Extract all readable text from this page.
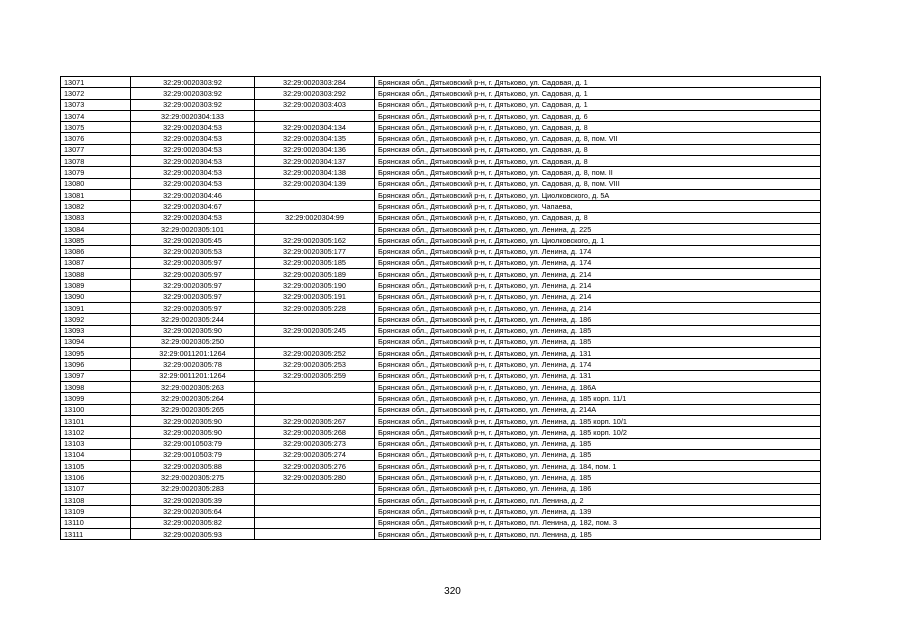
13071	32:29:0020303:92	32:29:0020303:284	Брянская обл., Дятьковский р-н, г. Дятьково, ул. Садовая, д. 1
13072	32:29:0020303:92	32:29:0020303:292	Брянская обл., Дятьковский р-н, г. Дятьково, ул. Садовая, д. 1
13073	32:29:0020303:92	32:29:0020303:403	Брянская обл., Дятьковский р-н, г. Дятьково, ул. Садовая, д. 1
13074	32:29:0020304:133		Брянская обл., Дятьковский р-н, г. Дятьково, ул. Садовая, д. 6
13075	32:29:0020304:53	32:29:0020304:134	Брянская обл., Дятьковский р-н, г. Дятьково, ул. Садовая, д. 8
13076	32:29:0020304:53	32:29:0020304:135	Брянская обл., Дятьковский р-н, г. Дятьково, ул. Садовая, д. 8, пом. VII
13077	32:29:0020304:53	32:29:0020304:136	Брянская обл., Дятьковский р-н, г. Дятьково, ул. Садовая, д. 8
13078	32:29:0020304:53	32:29:0020304:137	Брянская обл., Дятьковский р-н, г. Дятьково, ул. Садовая, д. 8
13079	32:29:0020304:53	32:29:0020304:138	Брянская обл., Дятьковский р-н, г. Дятьково, ул. Садовая, д. 8, пом. II
13080	32:29:0020304:53	32:29:0020304:139	Брянская обл., Дятьковский р-н, г. Дятьково, ул. Садовая, д. 8, пом. VIII
13081	32:29:0020304:46		Брянская обл., Дятьковский р-н, г. Дятьково, ул. Циолковского, д. 5А
13082	32:29:0020304:67		Брянская обл., Дятьковский р-н, г. Дятьково, ул. Чапаева,
13083	32:29:0020304:53	32:29:0020304:99	Брянская обл., Дятьковский р-н, г. Дятьково, ул. Садовая, д. 8
13084	32:29:0020305:101		Брянская обл., Дятьковский р-н, г. Дятьково, ул. Ленина, д. 225
13085	32:29:0020305:45	32:29:0020305:162	Брянская обл., Дятьковский р-н, г. Дятьково, ул. Циолковского, д. 1
13086	32:29:0020305:53	32:29:0020305:177	Брянская обл., Дятьковский р-н, г. Дятьково, ул. Ленина, д. 174
13087	32:29:0020305:97	32:29:0020305:185	Брянская обл., Дятьковский р-н, г. Дятьково, ул. Ленина, д. 174
13088	32:29:0020305:97	32:29:0020305:189	Брянская обл., Дятьковский р-н, г. Дятьково, ул. Ленина, д. 214
13089	32:29:0020305:97	32:29:0020305:190	Брянская обл., Дятьковский р-н, г. Дятьково, ул. Ленина, д. 214
13090	32:29:0020305:97	32:29:0020305:191	Брянская обл., Дятьковский р-н, г. Дятьково, ул. Ленина, д. 214
13091	32:29:0020305:97	32:29:0020305:228	Брянская обл., Дятьковский р-н, г. Дятьково, ул. Ленина, д. 214
13092	32:29:0020305:244		Брянская обл., Дятьковский р-н, г. Дятьково, ул. Ленина, д. 186
13093	32:29:0020305:90	32:29:0020305:245	Брянская обл., Дятьковский р-н, г. Дятьково, ул. Ленина, д. 185
13094	32:29:0020305:250		Брянская обл., Дятьковский р-н, г. Дятьково, ул. Ленина, д. 185
13095	32:29:0011201:1264	32:29:0020305:252	Брянская обл., Дятьковский р-н, г. Дятьково, ул. Ленина, д. 131
13096	32:29:0020305:78	32:29:0020305:253	Брянская обл., Дятьковский р-н, г. Дятьково, ул. Ленина, д. 174
13097	32:29:0011201:1264	32:29:0020305:259	Брянская обл., Дятьковский р-н, г. Дятьково, ул. Ленина, д. 131
13098	32:29:0020305:263		Брянская обл., Дятьковский р-н, г. Дятьково, ул. Ленина, д. 186А
13099	32:29:0020305:264		Брянская обл., Дятьковский р-н, г. Дятьково, ул. Ленина, д. 185 корп. 11/1
13100	32:29:0020305:265		Брянская обл., Дятьковский р-н, г. Дятьково, ул. Ленина, д. 214А
13101	32:29:0020305:90	32:29:0020305:267	Брянская обл., Дятьковский р-н, г. Дятьково, ул. Ленина, д. 185 корп. 10/1
13102	32:29:0020305:90	32:29:0020305:268	Брянская обл., Дятьковский р-н, г. Дятьково, ул. Ленина, д. 185 корп. 10/2
13103	32:29:0010503:79	32:29:0020305:273	Брянская обл., Дятьковский р-н, г. Дятьково, ул. Ленина, д. 185
13104	32:29:0010503:79	32:29:0020305:274	Брянская обл., Дятьковский р-н, г. Дятьково, ул. Ленина, д. 185
13105	32:29:0020305:88	32:29:0020305:276	Брянская обл., Дятьковский р-н, г. Дятьково, ул. Ленина, д. 184, пом. 1
13106	32:29:0020305:275	32:29:0020305:280	Брянская обл., Дятьковский р-н, г. Дятьково, ул. Ленина, д. 185
13107	32:29:0020305:283		Брянская обл., Дятьковский р-н, г. Дятьково, ул. Ленина, д. 186
13108	32:29:0020305:39		Брянская обл., Дятьковский р-н, г. Дятьково, пл. Ленина, д. 2
13109	32:29:0020305:64		Брянская обл., Дятьковский р-н, г. Дятьково, ул. Ленина, д. 139
13110	32:29:0020305:82		Брянская обл., Дятьковский р-н, г. Дятьково, пл. Ленина, д. 182, пом. 3
13111	32:29:0020305:93		Брянская обл., Дятьковский р-н, г. Дятьково, пл. Ленина, д. 185
320
